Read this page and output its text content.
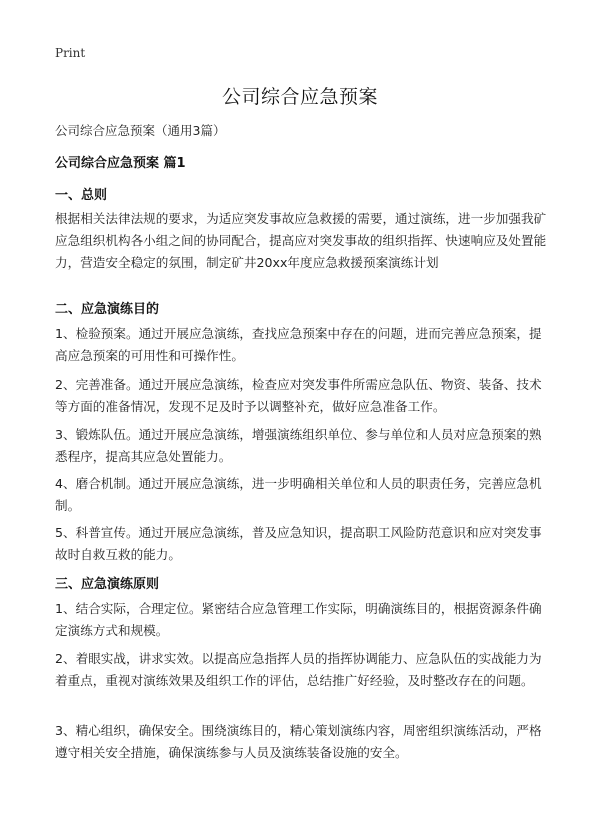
Print
公司综合应急预案
公司综合应急预案（通用3篇）
公司综合应急预案 篇1
一、总则
根据相关法律法规的要求，为适应突发事故应急救援的需要，通过演练，进一步加强我矿应急组织机构各小组之间的协同配合，提高应对突发事故的组织指挥、快速响应及处置能力，营造安全稳定的氛围，制定矿井20xx年度应急救援预案演练计划
二、应急演练目的
1、检验预案。通过开展应急演练，查找应急预案中存在的问题，进而完善应急预案，提高应急预案的可用性和可操作性。
2、完善准备。通过开展应急演练，检查应对突发事件所需应急队伍、物资、装备、技术等方面的准备情况，发现不足及时予以调整补充，做好应急准备工作。
3、锻炼队伍。通过开展应急演练，增强演练组织单位、参与单位和人员对应急预案的熟悉程序，提高其应急处置能力。
4、磨合机制。通过开展应急演练，进一步明确相关单位和人员的职责任务，完善应急机制。
5、科普宣传。通过开展应急演练，普及应急知识，提高职工风险防范意识和应对突发事故时自救互救的能力。
三、应急演练原则
1、结合实际，合理定位。紧密结合应急管理工作实际，明确演练目的，根据资源条件确定演练方式和规模。
2、着眼实战，讲求实效。以提高应急指挥人员的指挥协调能力、应急队伍的实战能力为着重点，重视对演练效果及组织工作的评估，总结推广好经验，及时整改存在的问题。
3、精心组织，确保安全。围绕演练目的，精心策划演练内容，周密组织演练活动，严格遵守相关安全措施，确保演练参与人员及演练装备设施的安全。
